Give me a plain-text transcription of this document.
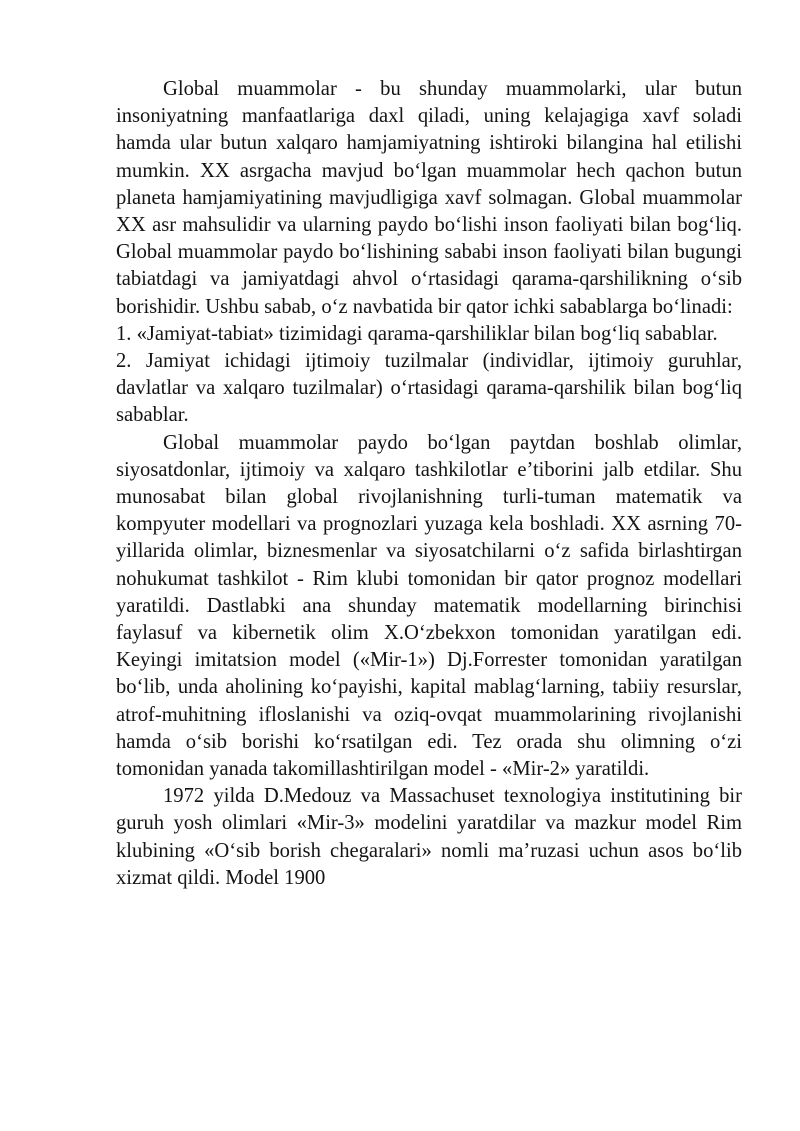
Global muammolar - bu shunday muammolarki, ular butun insoniyatning manfaatlariga daxl qiladi, uning kelajagiga xavf soladi hamda ular butun xalqaro hamjamiyatning ishtiroki bilangina hal etilishi mumkin. XX asrgacha mavjud bo‘lgan muammolar hech qachon butun planeta hamjamiyatining mavjudligiga xavf solmagan. Global muammolar XX asr mahsulidir va ularning paydo bo‘lishi inson faoliyati bilan bog‘liq. Global muammolar paydo bo‘lishining sababi inson faoliyati bilan bugungi tabiatdagi va jamiyatdagi ahvol o‘rtasidagi qarama-qarshilikning o‘sib borishidir. Ushbu sabab, o‘z navbatida bir qator ichki sabablarga bo‘linadi:

1. «Jamiyat-tabiat» tizimidagi qarama-qarshiliklar bilan bog‘liq sabablar.

2. Jamiyat ichidagi ijtimoiy tuzilmalar (individlar, ijtimoiy guruhlar, davlatlar va xalqaro tuzilmalar) o‘rtasidagi qarama-qarshilik bilan bog‘liq sabablar.

Global muammolar paydo bo‘lgan paytdan boshlab olimlar, siyosatdonlar, ijtimoiy va xalqaro tashkilotlar e’tiborini jalb etdilar. Shu munosabat bilan global rivojlanishning turli-tuman matematik va kompyuter modellari va prognozlari yuzaga kela boshladi. XX asrning 70-yillarida olimlar, biznesmenlar va siyosatchilarni o‘z safida birlashtirgan nohukumat tashkilot - Rim klubi tomonidan bir qator prognoz modellari yaratildi. Dastlabki ana shunday matematik modellarning birinchisi faylasuf va kibernetik olim X.O‘zbekxon tomonidan yaratilgan edi. Keyingi imitatsion model («Mir-1») Dj.Forrester tomonidan yaratilgan bo‘lib, unda aholining ko‘payishi, kapital mablag‘larning, tabiiy resurslar, atrof-muhitning ifloslanishi va oziq-ovqat muammolarining rivojlanishi hamda o‘sib borishi ko‘rsatilgan edi. Tez orada shu olimning o‘zi tomonidan yanada takomillashtirilgan model - «Mir-2» yaratildi.

1972 yilda D.Medouz va Massachuset texnologiya institutining bir guruh yosh olimlari «Mir-3» modelini yaratdilar va mazkur model Rim klubining «O‘sib borish chegaralari» nomli ma’ruzasi uchun asos bo‘lib xizmat qildi. Model 1900
